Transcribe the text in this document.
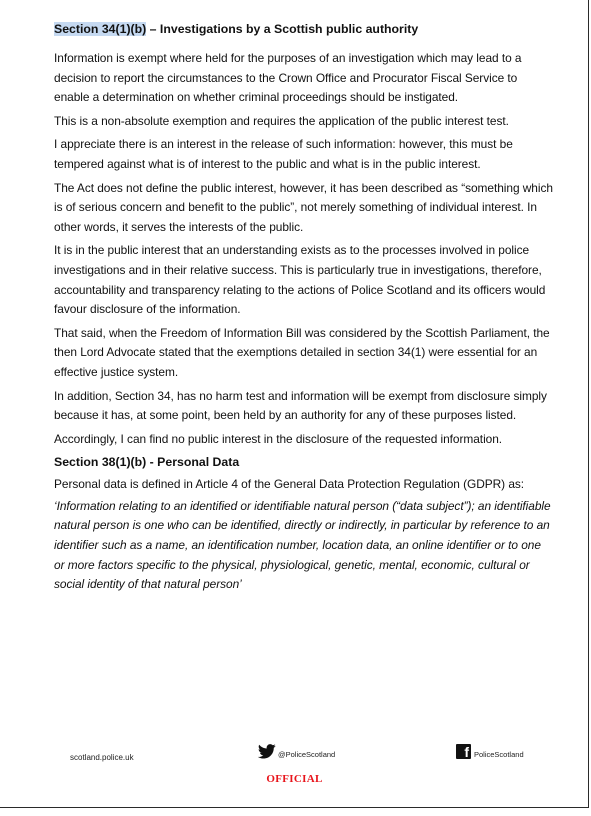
Section 34(1)(b) – Investigations by a Scottish public authority

Information is exempt where held for the purposes of an investigation which may lead to a decision to report the circumstances to the Crown Office and Procurator Fiscal Service to enable a determination on whether criminal proceedings should be instigated.

This is a non-absolute exemption and requires the application of the public interest test.

I appreciate there is an interest in the release of such information: however, this must be tempered against what is of interest to the public and what is in the public interest.

The Act does not define the public interest, however, it has been described as “something which is of serious concern and benefit to the public”, not merely something of individual interest. In other words, it serves the interests of the public.

It is in the public interest that an understanding exists as to the processes involved in police investigations and in their relative success. This is particularly true in investigations, therefore, accountability and transparency relating to the actions of Police Scotland and its officers would favour disclosure of the information.

That said, when the Freedom of Information Bill was considered by the Scottish Parliament, the then Lord Advocate stated that the exemptions detailed in section 34(1) were essential for an effective justice system.

In addition, Section 34, has no harm test and information will be exempt from disclosure simply because it has, at some point, been held by an authority for any of these purposes listed.

Accordingly, I can find no public interest in the disclosure of the requested information.

Section 38(1)(b) - Personal Data

Personal data is defined in Article 4 of the General Data Protection Regulation (GDPR) as:

‘Information relating to an identified or identifiable natural person (“data subject”); an identifiable natural person is one who can be identified, directly or indirectly, in particular by reference to an identifier such as a name, an identification number, location data, an online identifier or to one or more factors specific to the physical, physiological, genetic, mental, economic, cultural or social identity of that natural person’

scotland.police.uk	@PoliceScotland	f PoliceScotland
OFFICIAL
